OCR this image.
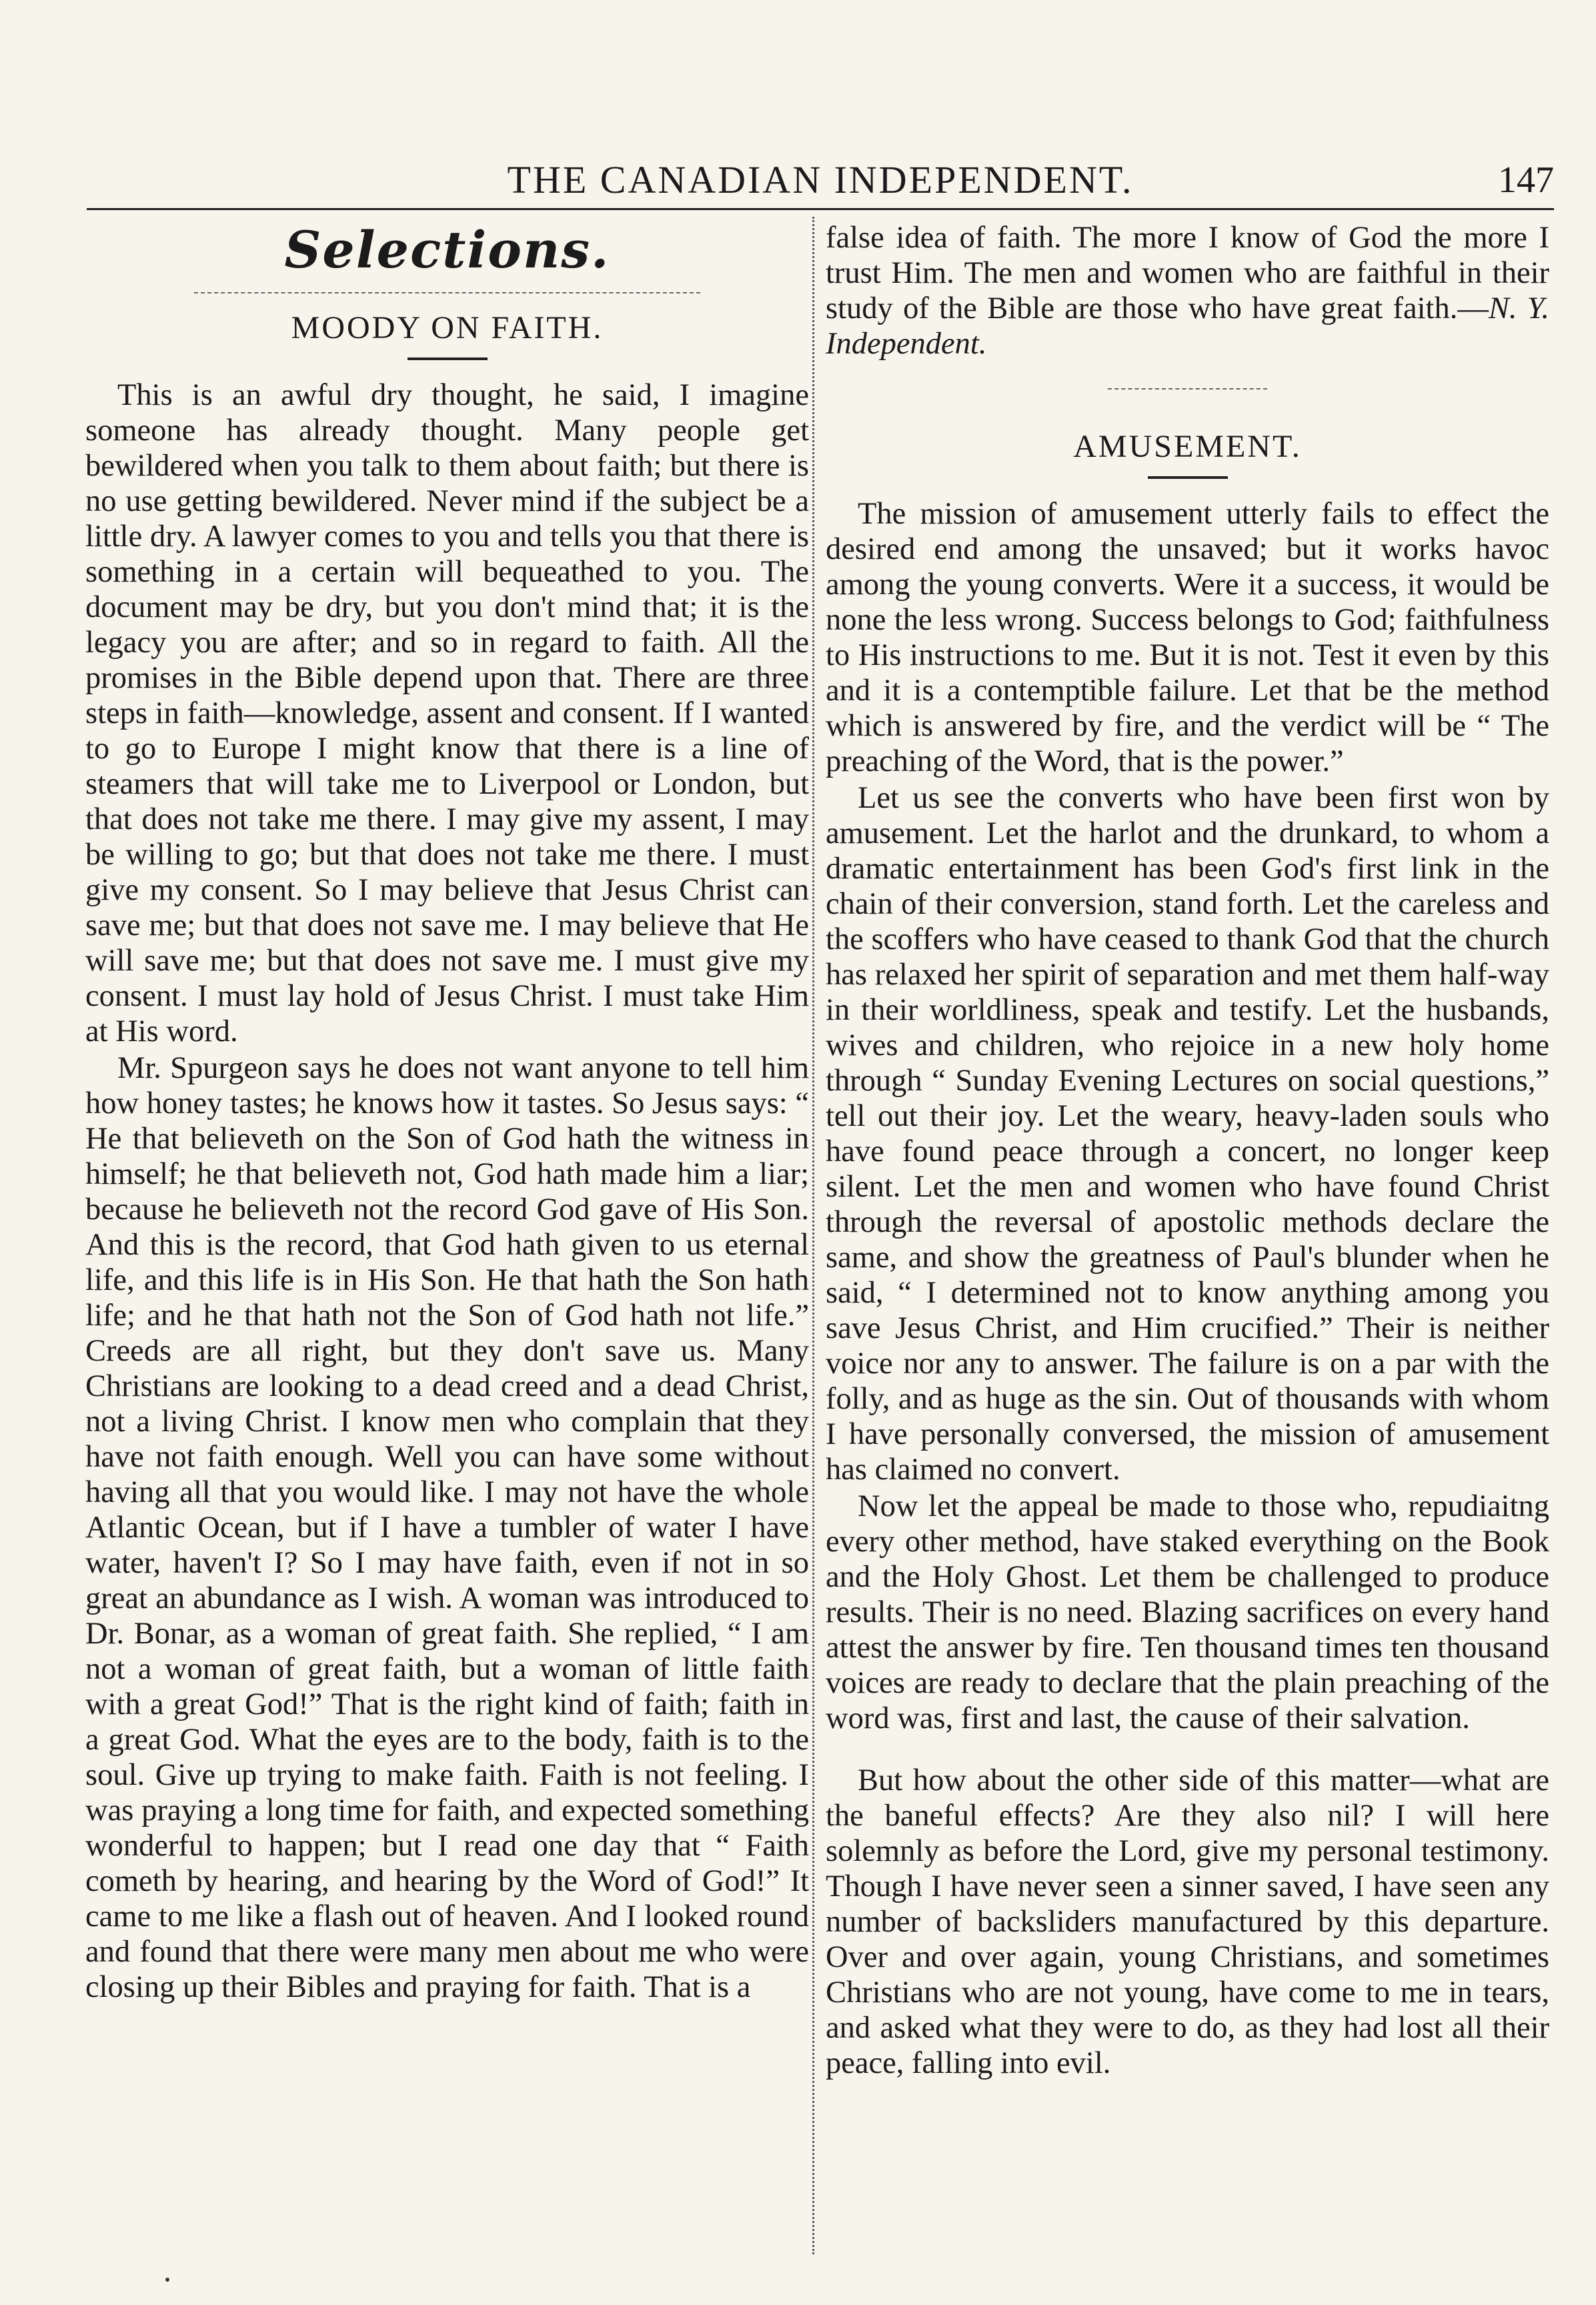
THE CANADIAN INDEPENDENT.	147
Selections.
MOODY ON FAITH.

This is an awful dry thought, he said, I imagine someone has already thought. Many people get bewildered when you talk to them about faith; but there is no use getting bewildered. Never mind if the subject be a little dry. A lawyer comes to you and tells you that there is something in a certain will bequeathed to you. The document may be dry, but you don't mind that; it is the legacy you are after; and so in regard to faith. All the promises in the Bible depend upon that. There are three steps in faith—knowledge, assent and consent. If I wanted to go to Europe I might know that there is a line of steamers that will take me to Liverpool or London, but that does not take me there. I may give my assent, I may be willing to go; but that does not take me there. I must give my consent. So I may believe that Jesus Christ can save me; but that does not save me. I may believe that He will save me; but that does not save me. I must give my consent. I must lay hold of Jesus Christ. I must take Him at His word.

Mr. Spurgeon says he does not want anyone to tell him how honey tastes; he knows how it tastes. So Jesus says: “ He that believeth on the Son of God hath the witness in himself; he that believeth not, God hath made him a liar; because he believeth not the record God gave of His Son. And this is the record, that God hath given to us eternal life, and this life is in His Son. He that hath the Son hath life; and he that hath not the Son of God hath not life.” Creeds are all right, but they don't save us. Many Christians are looking to a dead creed and a dead Christ, not a living Christ. I know men who complain that they have not faith enough. Well you can have some without having all that you would like. I may not have the whole Atlantic Ocean, but if I have a tumbler of water I have water, haven't I? So I may have faith, even if not in so great an abundance as I wish. A woman was introduced to Dr. Bonar, as a woman of great faith. She replied, “ I am not a woman of great faith, but a woman of little faith with a great God!” That is the right kind of faith; faith in a great God. What the eyes are to the body, faith is to the soul. Give up trying to make faith. Faith is not feeling. I was praying a long time for faith, and expected something wonderful to happen; but I read one day that “ Faith cometh by hearing, and hearing by the Word of God!” It came to me like a flash out of heaven. And I looked round and found that there were many men about me who were closing up their Bibles and praying for faith. That is a

false idea of faith. The more I know of God the more I trust Him. The men and women who are faithful in their study of the Bible are those who have great faith.—N. Y. Independent.

AMUSEMENT.

The mission of amusement utterly fails to effect the desired end among the unsaved; but it works havoc among the young converts. Were it a success, it would be none the less wrong. Success belongs to God; faithfulness to His instructions to me. But it is not. Test it even by this and it is a contemptible failure. Let that be the method which is answered by fire, and the verdict will be “ The preaching of the Word, that is the power.”

Let us see the converts who have been first won by amusement. Let the harlot and the drunkard, to whom a dramatic entertainment has been God's first link in the chain of their conversion, stand forth. Let the careless and the scoffers who have ceased to thank God that the church has relaxed her spirit of separation and met them half-way in their worldliness, speak and testify. Let the husbands, wives and children, who rejoice in a new holy home through “ Sunday Evening Lectures on social questions,” tell out their joy. Let the weary, heavy-laden souls who have found peace through a concert, no longer keep silent. Let the men and women who have found Christ through the reversal of apostolic methods declare the same, and show the greatness of Paul's blunder when he said, “ I determined not to know anything among you save Jesus Christ, and Him crucified.” Their is neither voice nor any to answer. The failure is on a par with the folly, and as huge as the sin. Out of thousands with whom I have personally conversed, the mission of amusement has claimed no convert.

Now let the appeal be made to those who, repudiaitng every other method, have staked everything on the Book and the Holy Ghost. Let them be challenged to produce results. Their is no need. Blazing sacrifices on every hand attest the answer by fire. Ten thousand times ten thousand voices are ready to declare that the plain preaching of the word was, first and last, the cause of their salvation.

But how about the other side of this matter—what are the baneful effects? Are they also nil? I will here solemnly as before the Lord, give my personal testimony. Though I have never seen a sinner saved, I have seen any number of backsliders manufactured by this departure. Over and over again, young Christians, and sometimes Christians who are not young, have come to me in tears, and asked what they were to do, as they had lost all their peace, falling into evil.
